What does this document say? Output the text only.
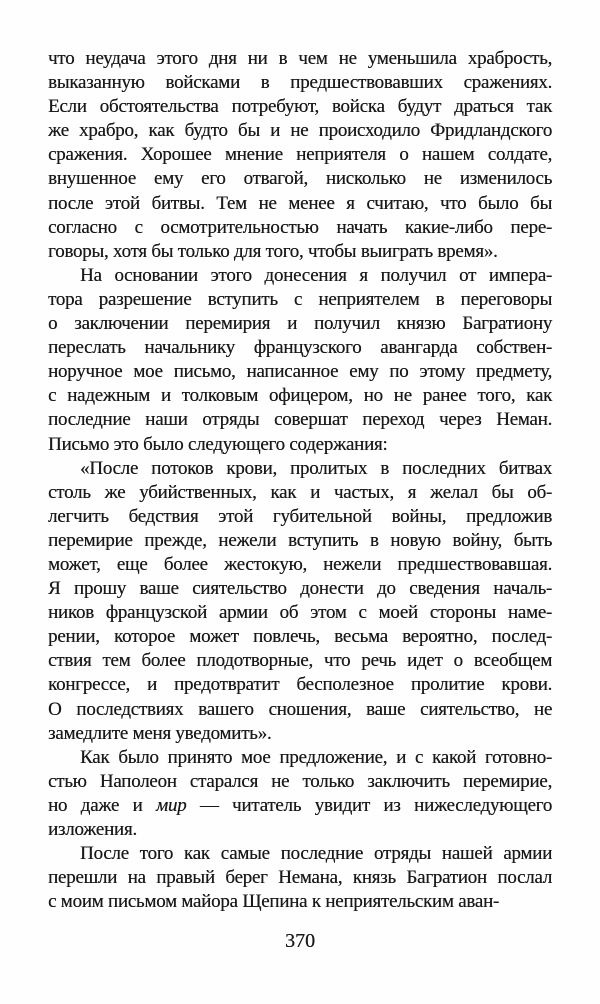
что неудача этого дня ни в чем не уменьшила храбрость,
выказанную войсками в предшествовавших сражениях.
Если обстоятельства потребуют, войска будут драться так
же храбро, как будто бы и не происходило Фридландского
сражения. Хорошее мнение неприятеля о нашем солдате,
внушенное ему его отвагой, нисколько не изменилось
после этой битвы. Тем не менее я считаю, что было бы
согласно с осмотрительностью начать какие-либо пере-
говоры, хотя бы только для того, чтобы выиграть время».
На основании этого донесения я получил от импера-
тора разрешение вступить с неприятелем в переговоры
о заключении перемирия и получил князю Багратиону
переслать начальнику французского авангарда собствен-
норучное мое письмо, написанное ему по этому предмету,
с надежным и толковым офицером, но не ранее того, как
последние наши отряды совершат переход через Неман.
Письмо это было следующего содержания:
«После потоков крови, пролитых в последних битвах
столь же убийственных, как и частых, я желал бы об-
легчить бедствия этой губительной войны, предложив
перемирие прежде, нежели вступить в новую войну, быть
может, еще более жестокую, нежели предшествовавшая.
Я прошу ваше сиятельство донести до сведения началь-
ников французской армии об этом с моей стороны наме-
рении, которое может повлечь, весьма вероятно, послед-
ствия тем более плодотворные, что речь идет о всеобщем
конгрессе, и предотвратит бесполезное пролитие крови.
О последствиях вашего сношения, ваше сиятельство, не
замедлите меня уведомить».
Как было принято мое предложение, и с какой готовно-
стью Наполеон старался не только заключить перемирие,
но даже и мир — читатель увидит из нижеследующего
изложения.
После того как самые последние отряды нашей армии
перешли на правый берег Немана, князь Багратион послал
с моим письмом майора Щепина к неприятельским аван-
370
